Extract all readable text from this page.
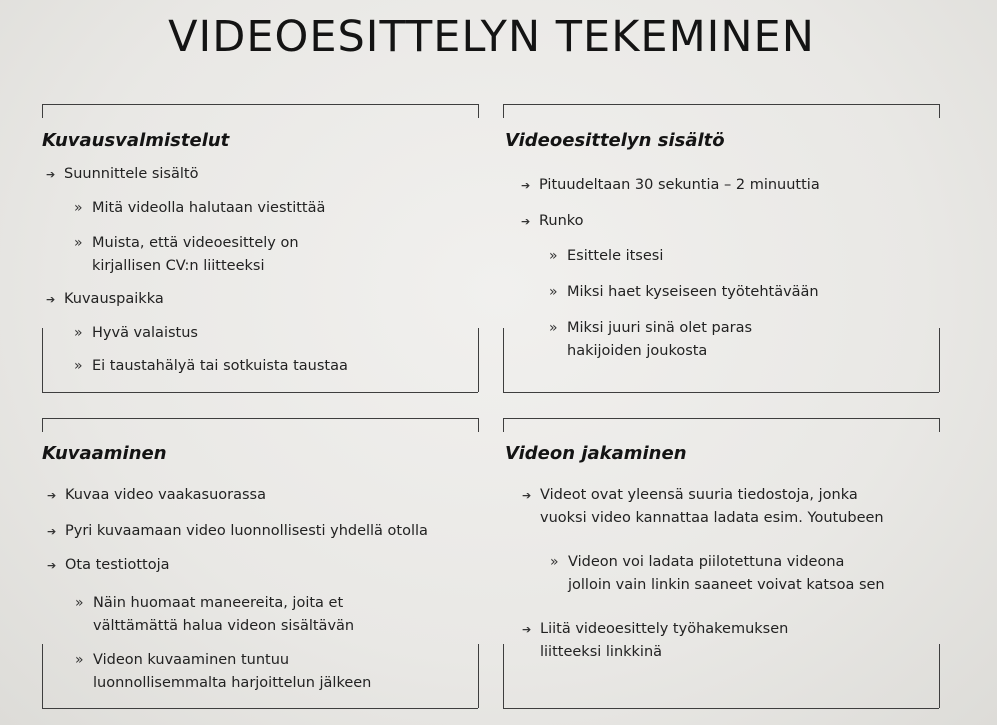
VIDEOESITTELYN TEKEMINEN
Kuvausvalmistelut
➔ Suunnittele sisältö
» Mitä videolla halutaan viestittää
» Muista, että videoesittely on
kirjallisen CV:n liitteeksi
➔ Kuvauspaikka
» Hyvä valaistus
» Ei taustahälyä tai sotkuista taustaa
Videoesittelyn sisältö
➔ Pituudeltaan 30 sekuntia – 2 minuuttia
➔ Runko
» Esittele itsesi
» Miksi haet kyseiseen työtehtävään
» Miksi juuri sinä olet paras
hakijoiden joukosta
Kuvaaminen
➔ Kuvaa video vaakasuorassa
➔ Pyri kuvaamaan video luonnollisesti yhdellä otolla
➔ Ota testiottoja
» Näin huomaat maneereita, joita et
välttämättä halua videon sisältävän
» Videon kuvaaminen tuntuu
luonnollisemmalta harjoittelun jälkeen
Videon jakaminen
➔ Videot ovat yleensä suuria tiedostoja, jonka
vuoksi video kannattaa ladata esim. Youtubeen
» Videon voi ladata piilotettuna videona
jolloin vain linkin saaneet voivat katsoa sen
➔ Liitä videoesittely työhakemuksen
liitteeksi linkkinä
